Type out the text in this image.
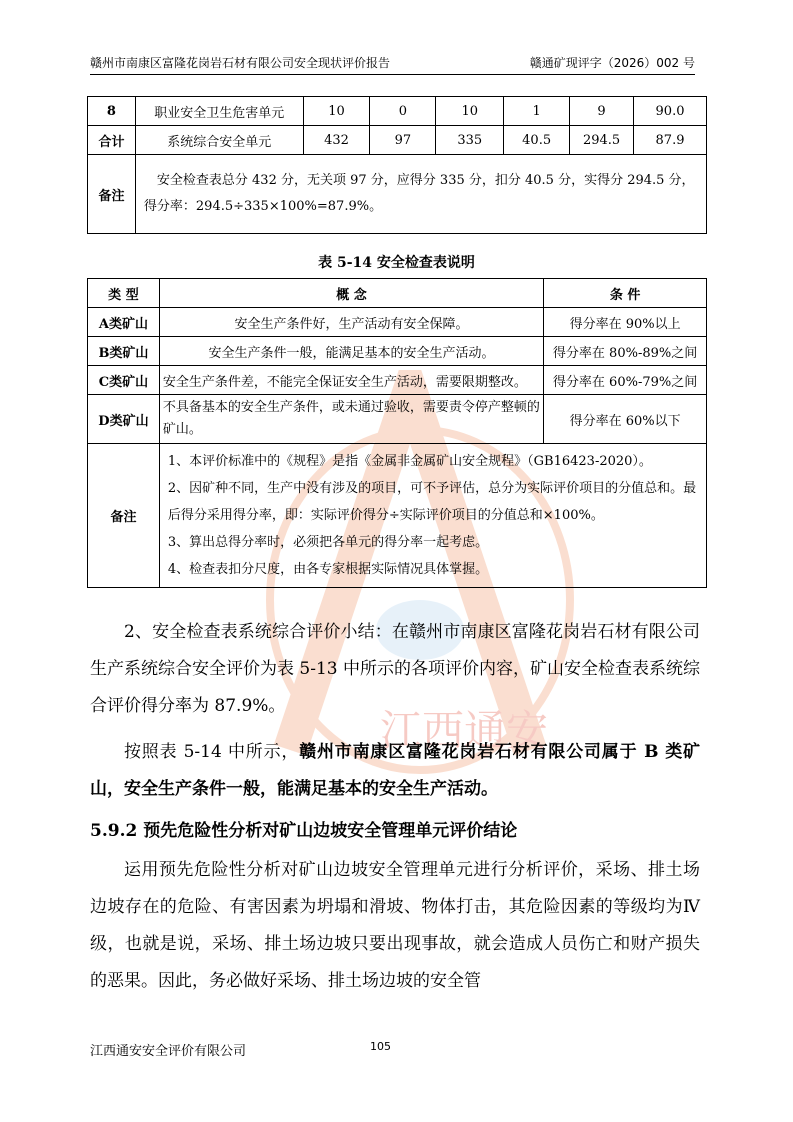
江西通安
赣州市南康区富隆花岗岩石材有限公司安全现状评价报告	赣通矿现评字（2026）002 号
8	职业安全卫生危害单元	10	0	10	1	9	90.0
合计	系统综合安全单元	432	97	335	40.5	294.5	87.9
备注	安全检查表总分 432 分，无关项 97 分，应得分 335 分，扣分 40.5 分，实得分 294.5 分，
得分率：294.5÷335×100%=87.9%。						
表 5-14 安全检查表说明
类 型	概 念	条 件
A类矿山	安全生产条件好，生产活动有安全保障。	得分率在 90%以上
B类矿山	安全生产条件一般，能满足基本的安全生产活动。	得分率在 80%-89%之间
C类矿山	安全生产条件差，不能完全保证安全生产活动，需要限期整改。	得分率在 60%-79%之间
D类矿山	不具备基本的安全生产条件，或未通过验收，需要责令停产整顿的矿山。	得分率在 60%以下
备注	1、本评价标准中的《规程》是指《金属非金属矿山安全规程》（GB16423-2020）。

2、因矿种不同，生产中没有涉及的项目，可不予评估，总分为实际评价项目的分值总和。最后得分采用得分率，即：实际评价得分÷实际评价项目的分值总和×100%。

3、算出总得分率时，必须把各单元的得分率一起考虑。

4、检查表扣分尺度，由各专家根据实际情况具体掌握。	

2、安全检查表系统综合评价小结：在赣州市南康区富隆花岗岩石材有限公司生产系统综合安全评价为表 5-13 中所示的各项评价内容，矿山安全检查表系统综合评价得分率为 87.9%。

按照表 5-14 中所示，赣州市南康区富隆花岗岩石材有限公司属于 B 类矿山，安全生产条件一般，能满足基本的安全生产活动。

5.9.2 预先危险性分析对矿山边坡安全管理单元评价结论

运用预先危险性分析对矿山边坡安全管理单元进行分析评价，采场、排土场边坡存在的危险、有害因素为坍塌和滑坡、物体打击，其危险因素的等级均为Ⅳ级，也就是说，采场、排土场边坡只要出现事故，就会造成人员伤亡和财产损失的恶果。因此，务必做好采场、排土场边坡的安全管

江西通安安全评价有限公司	105
